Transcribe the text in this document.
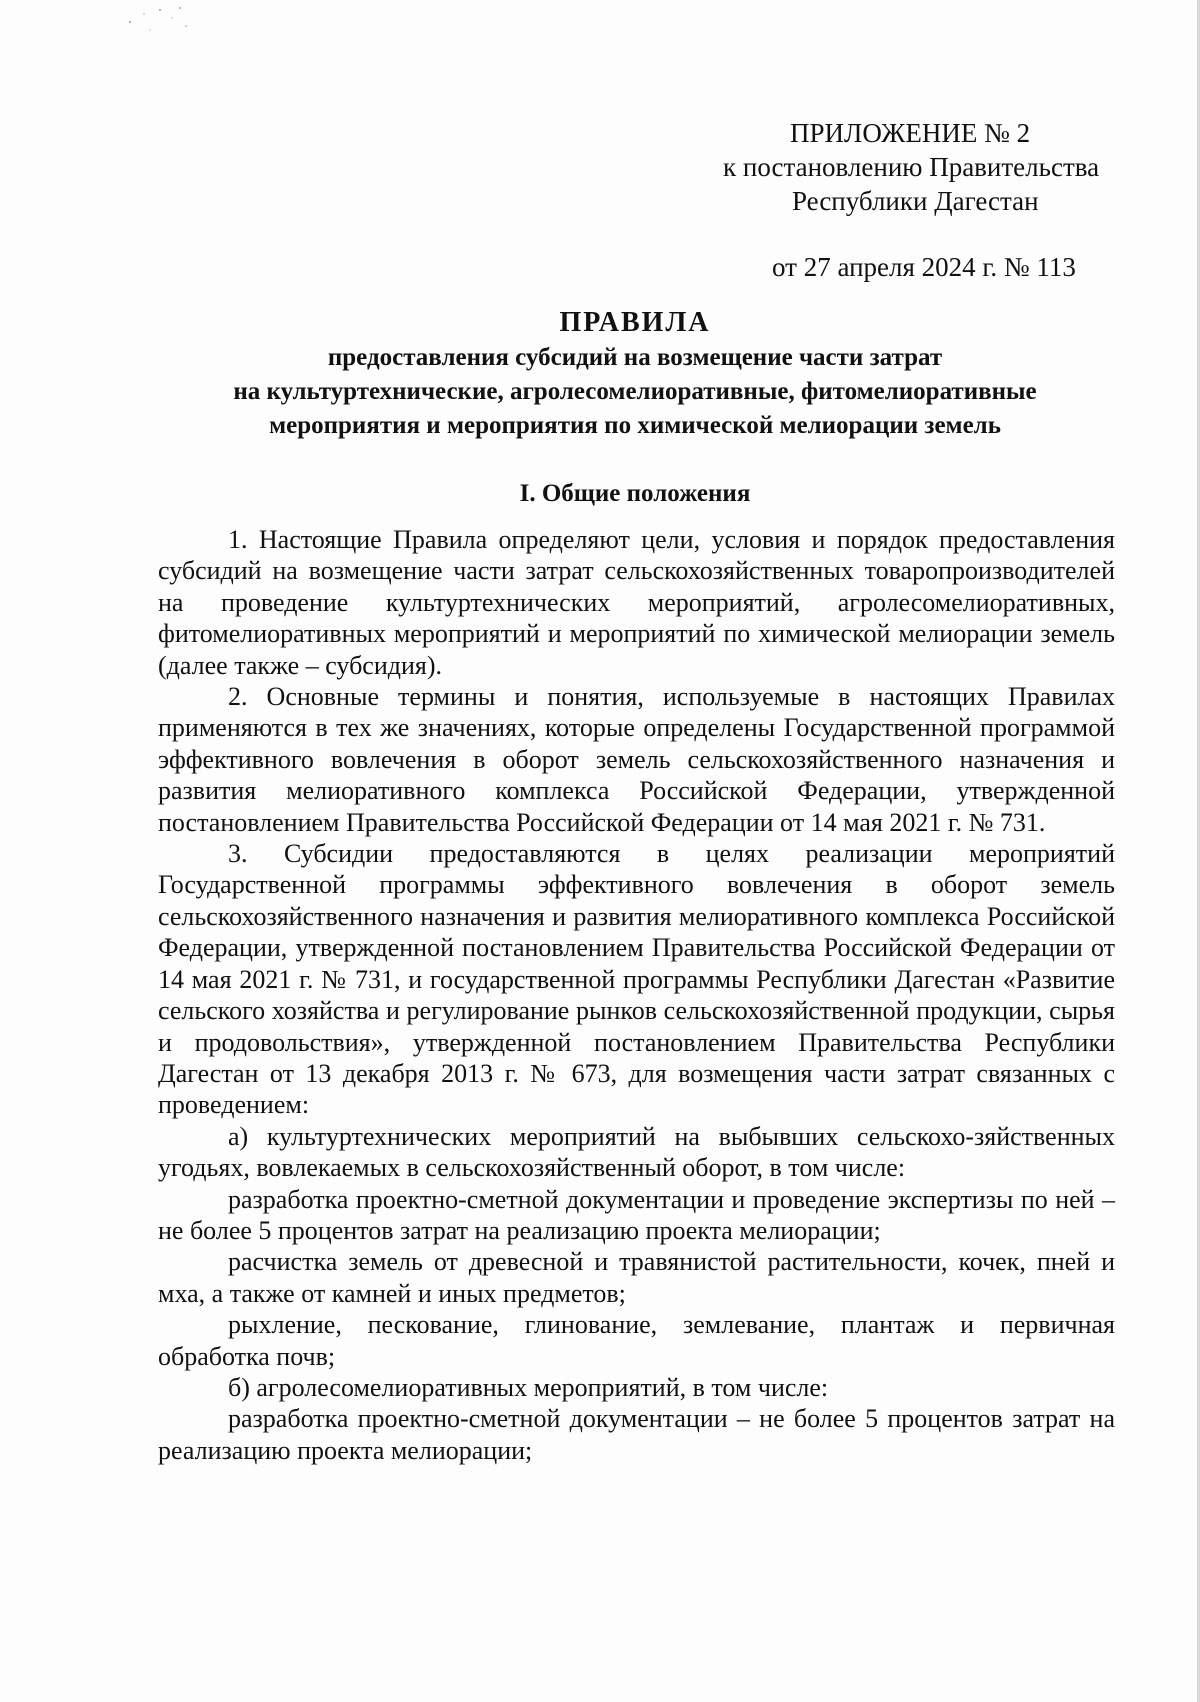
ПРИЛОЖЕНИЕ № 2
к постановлению Правительства
Республики Дагестан
от 27 апреля 2024 г. № 113
ПРАВИЛА
предоставления субсидий на возмещение части затрат
на культуртехнические, агролесомелиоративные, фитомелиоративные
мероприятия и мероприятия по химической мелиорации земель
I. Общие положения

1. Настоящие Правила определяют цели, условия и порядок предоставления субсидий на возмещение части затрат сельскохозяйственных товаропроизводителей на проведение культуртехнических мероприятий, агролесомелиоративных, фитомелиоративных мероприятий и мероприятий по химической мелиорации земель (далее также – субсидия).

2. Основные термины и понятия, используемые в настоящих Правилах применяются в тех же значениях, которые определены Государственной программой эффективного вовлечения в оборот земель сельскохозяйственного назначения и развития мелиоративного комплекса Российской Федерации, утвержденной постановлением Правительства Российской Федерации от 14 мая 2021 г. № 731.

3. Субсидии предоставляются в целях реализации мероприятий Государственной программы эффективного вовлечения в оборот земель сельскохозяйственного назначения и развития мелиоративного комплекса Российской Федерации, утвержденной постановлением Правительства Российской Федерации от 14 мая 2021 г. № 731, и государственной программы Республики Дагестан «Развитие сельского хозяйства и регулирование рынков сельскохозяйственной продукции, сырья и продовольствия», утвержденной постановлением Правительства Республики Дагестан от 13 декабря 2013 г. № 673, для возмещения части затрат связанных с проведением:

а) культуртехнических мероприятий на выбывших сельскохо-зяйственных угодьях, вовлекаемых в сельскохозяйственный оборот, в том числе:

разработка проектно-сметной документации и проведение экспертизы по ней – не более 5 процентов затрат на реализацию проекта мелиорации;

расчистка земель от древесной и травянистой растительности, кочек, пней и мха, а также от камней и иных предметов;

рыхление, пескование, глинование, землевание, плантаж и первичная обработка почв;

б) агролесомелиоративных мероприятий, в том числе:

разработка проектно-сметной документации – не более 5 процентов затрат на реализацию проекта мелиорации;
